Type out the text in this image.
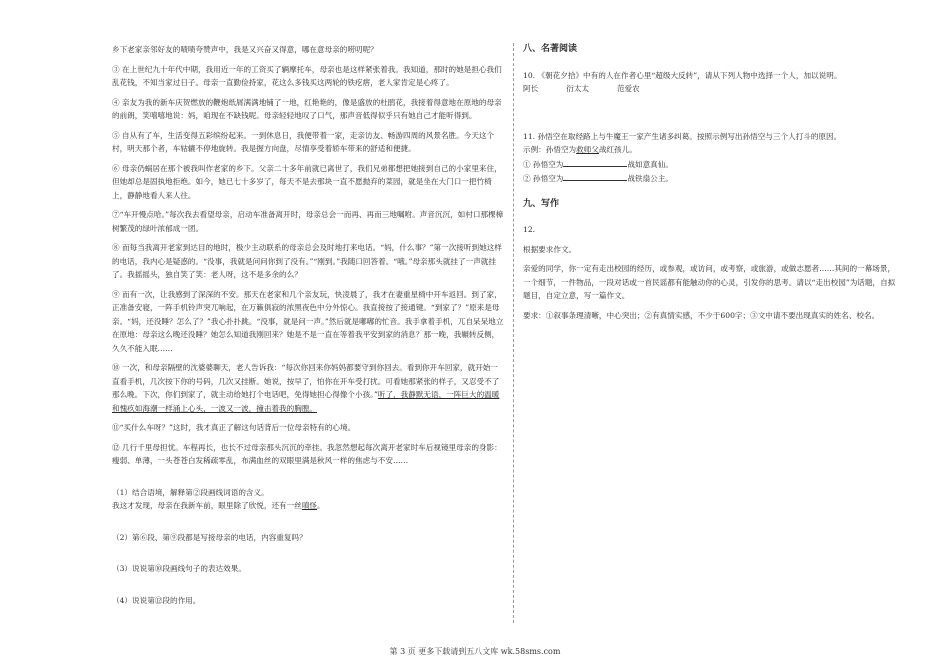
乡下老家亲邻好友的啧啧夸赞声中，我是又兴奋又得意，哪在意母亲的唠叨呢？

③ 在上世纪九十年代中期，我用近一年的工资买了辆摩托车，母亲也是这样紧张着我。我知道，那时的她是担心我们乱花钱，不知当家过日子。母亲一直勤俭持家，花这么多钱买这两轮的铁疙瘩，老人家肯定是心疼了。

④ 亲友为我的新车庆贺燃放的鞭炮纸屑满满地铺了一地，红艳艳的，像是盛放的杜鹃花，我接着得意地在原地的母亲的前朗，笑嘻嘻地说：妈，咱现在不缺钱呢。母亲轻轻地叹了口气，那声音低得似乎只有她自己才能听得到。

⑤ 自从有了车，生活变得五彩缤纷起来。一到休息日，我便带着一家，走亲访友、畅游四周的风景名胜。今天这个村，明天那个者，车轱辘不停地旋转。我是握方向盘，尽情享受着轿车带来的舒适和便捷。

⑥ 母亲仍蜗居在那个被我叫作老家的乡下。父亲二十多年前就已离世了，我们兄弟都想把她接到自己的小家里来住，但她却总是固执地拒绝。如今，她已七十多岁了，每天不是去那块一直不愿抛弃的菜园，就是坐在大门口一把竹椅上，静静地看人来人往。

⑦“车开慢点哈。”每次我去看望母亲，启动车准备离开时，母亲总会一而再、再而三地嘱咐。声音沉沉，如村口那棵樟树繁茂的绿叶浓郁成一团。

⑧ 而每当我离开老家到达目的地时，极少主动联系的母亲总会及时地打来电话。“妈，什么事？”第一次接听到她这样的电话，我内心是疑惑的。“没事，我就是问问你到了没有。”“刚到。”我随口回答着。“哦。”母亲那头就挂了一声就挂了。我摇摇头，独自笑了笑：老人呀，这不是多余的么？

⑨ 而有一次，让我感到了深深的不安。那天在老家和几个亲友玩，快凌晨了，我才在妻重星椅中开车返回。到了家，正准备安寝，一阵手机铃声突兀响起，在万籁俱寂的浓黑夜色中分外惊心。我直接按了接通键。“到家了？”原来是母亲。“妈，还没睡？怎么了？”我心扑扑跳。“没事，就是问一声。”然后就是嘟嘟的忙音。我手拿着手机，兀自呆呆地立在原地：母亲这么晚还没睡？她怎么知道我刚回来？她是不是一直在等着我平安到家的消息？那一晚，我辗转反侧，久久不能入眠……

⑩ 一次，和母亲隔壁的沈婆婆聊天，老人告诉我：“每次你回来你妈妈都要守到你回去。看到你开车回家，就开始一直看手机，几次按下你的号码，几次又挂断。她说，按早了，怕你在开车受打扰。可看她那紧张的样子，又忍受不了那么晚。下次，你们到家了，就主动给她打个电话吧，免得她担心得像个小孩。”听了，我静默无语，一阵巨大的温暖和愧疚如海潮一样涌上心头，一波又一波，撞击着我的胸膛。

⑪“买什么车呀？”这时，我才真正了解这句话背后一位母亲特有的心境。

⑫ 几行千里母担忧。车程再长，也长不过母亲那头沉沉的牵挂。我忽然想起每次离开老家时车后视镜里母亲的身影：瘦弱、单薄，一头苍苍白发稀疏零乱，布满血丝的双眼里满是秋风一样的焦虑与不安……

（1）结合语境，解释第②段画线词语的含义。

我这才发现，母亲在我新车前，眼里除了欣悦，还有一丝嗔怪。

（2）第⑥段、第⑨段都是写接母亲的电话，内容重复吗？

（3）说说第⑩段画线句子的表达效果。

（4）说说第⑫段的作用。

八、名著阅读

10. 《朝花夕拾》中有的人在作者心里“超级大反转”，请从下列人物中选择一个人，加以说明。

阿长	衍太太	范爱农

11. 孙悟空在取经路上与牛魔王一家产生诸多纠葛。按照示例写出孙悟空与三个人打斗的原因。

示例：孙悟空为救师父战红孩儿。

① 孙悟空为	战如意真仙。

② 孙悟空为	战铁扇公主。

九、写作

12.

根据要求作文。

亲爱的同学，你一定有走出校园的经历，或参观，或访问，或考察，或旅游，或做志愿者……其间的一幕场景，一个细节，一件物品，一段对话或一首民谣都有能触动你的心灵，引发你的思考。请以“走出校园”为话题，自拟题目，自定立意，写一篇作文。

要求：①叙事条理清晰，中心突出；②有真情实感，不少于600字；③文中请不要出现真实的姓名、校名。

第 3 页 更多下载请到五八文库 wk.58sms.com
